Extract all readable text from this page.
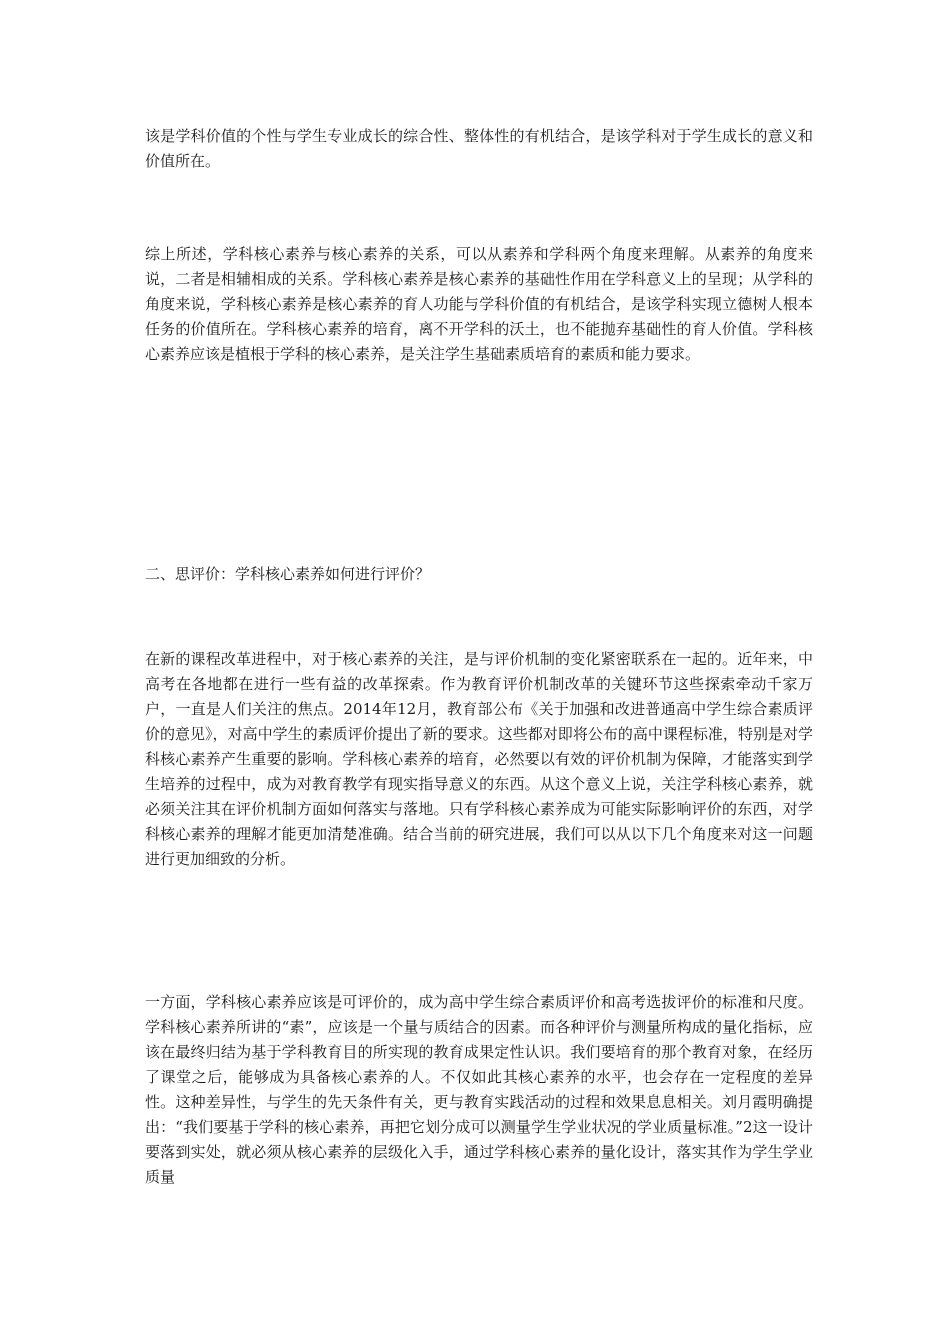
该是学科价值的个性与学生专业成长的综合性、整体性的有机结合，是该学科对于学生成长的意义和价值所在。

综上所述，学科核心素养与核心素养的关系，可以从素养和学科两个角度来理解。从素养的角度来说，二者是相辅相成的关系。学科核心素养是核心素养的基础性作用在学科意义上的呈现；从学科的角度来说，学科核心素养是核心素养的育人功能与学科价值的有机结合，是该学科实现立德树人根本任务的价值所在。学科核心素养的培育，离不开学科的沃土，也不能抛弃基础性的育人价值。学科核心素养应该是植根于学科的核心素养，是关注学生基础素质培育的素质和能力要求。

二、思评价：学科核心素养如何进行评价？

在新的课程改革进程中，对于核心素养的关注，是与评价机制的变化紧密联系在一起的。近年来，中高考在各地都在进行一些有益的改革探索。作为教育评价机制改革的关键环节这些探索牵动千家万户，一直是人们关注的焦点。2014年12月，教育部公布《关于加强和改进普通高中学生综合素质评价的意见》，对高中学生的素质评价提出了新的要求。这些都对即将公布的高中课程标准，特别是对学科核心素养产生重要的影响。学科核心素养的培育，必然要以有效的评价机制为保障，才能落实到学生培养的过程中，成为对教育教学有现实指导意义的东西。从这个意义上说，关注学科核心素养，就必须关注其在评价机制方面如何落实与落地。只有学科核心素养成为可能实际影响评价的东西，对学科核心素养的理解才能更加清楚准确。结合当前的研究进展，我们可以从以下几个角度来对这一问题进行更加细致的分析。

一方面，学科核心素养应该是可评价的，成为高中学生综合素质评价和高考选拔评价的标准和尺度。学科核心素养所讲的“素”，应该是一个量与质结合的因素。而各种评价与测量所构成的量化指标，应该在最终归结为基于学科教育目的所实现的教育成果定性认识。我们要培育的那个教育对象，在经历了课堂之后，能够成为具备核心素养的人。不仅如此其核心素养的水平，也会存在一定程度的差异性。这种差异性，与学生的先天条件有关，更与教育实践活动的过程和效果息息相关。刘月霞明确提出：“我们要基于学科的核心素养，再把它划分成可以测量学生学业状况的学业质量标准。”2这一设计要落到实处，就必须从核心素养的层级化入手，通过学科核心素养的量化设计，落实其作为学生学业质量
